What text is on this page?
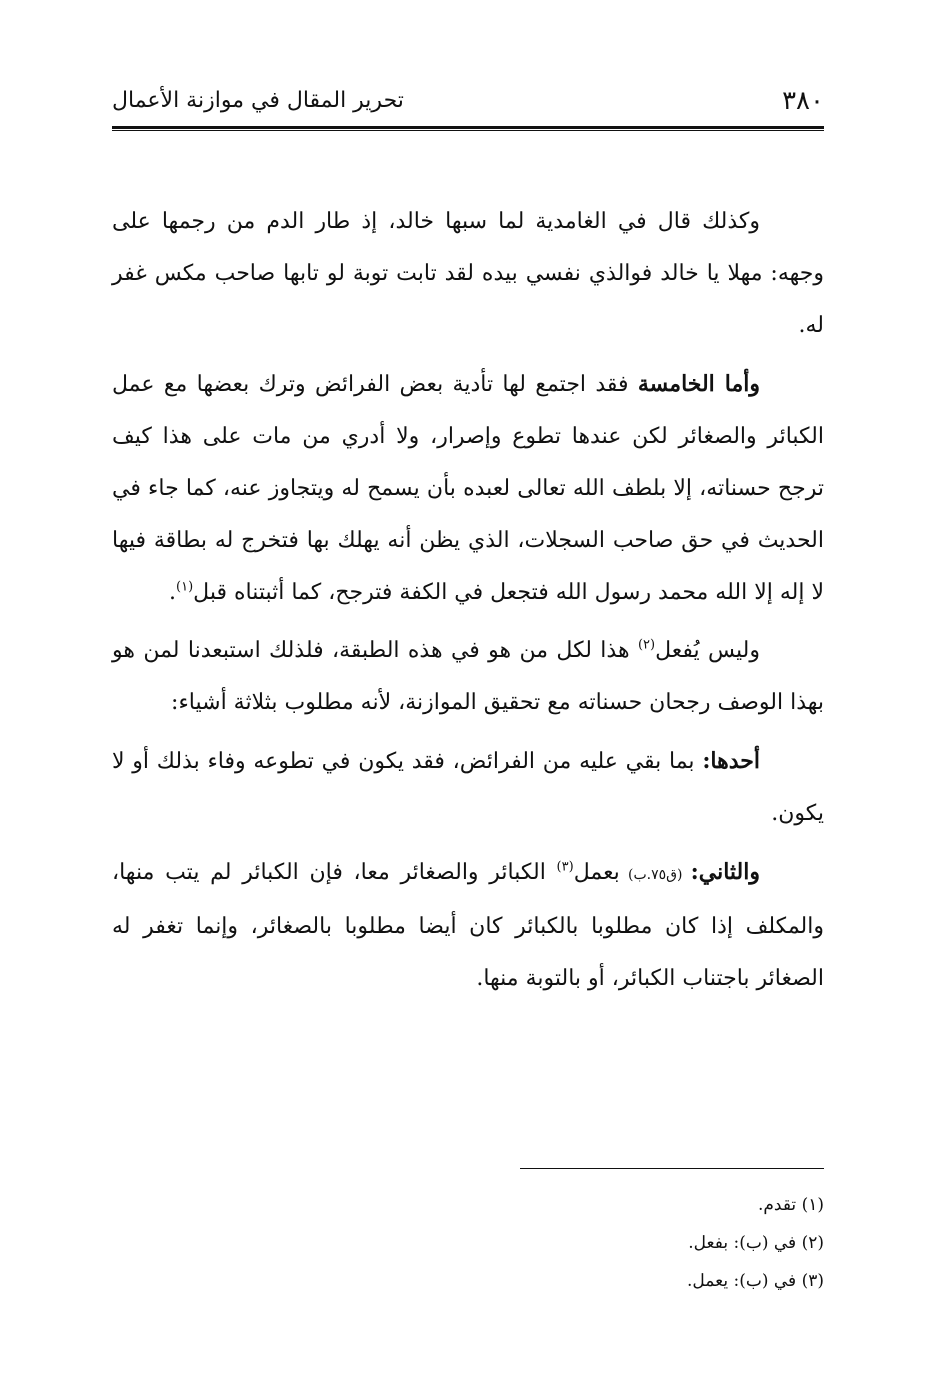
٣٨٠
تحرير المقال في موازنة الأعمال

وكذلك قال في الغامدية لما سبها خالد، إذ طار الدم من رجمها على وجهه: مهلا يا خالد فوالذي نفسي بيده لقد تابت توبة لو تابها صاحب مكس غفر له.

وأما الخامسة فقد اجتمع لها تأدية بعض الفرائض وترك بعضها مع عمل الكبائر والصغائر لكن عندها تطوع وإصرار، ولا أدري من مات على هذا كيف ترجح حسناته، إلا بلطف الله تعالى لعبده بأن يسمح له ويتجاوز عنه، كما جاء في الحديث في حق صاحب السجلات، الذي يظن أنه يهلك بها فتخرج له بطاقة فيها لا إله إلا الله محمد رسول الله فتجعل في الكفة فترجح، كما أثبتناه قبل$^{(١)}$.

وليس يُفعل$^{(٢)}$ هذا لكل من هو في هذه الطبقة، فلذلك استبعدنا لمن هو بهذا الوصف رجحان حسناته مع تحقيق الموازنة، لأنه مطلوب بثلاثة أشياء:

أحدها: بما بقي عليه من الفرائض، فقد يكون في تطوعه وفاء بذلك أو لا يكون.

والثاني: (ق٧٥.ب) بعمل$^{(٣)}$ الكبائر والصغائر معا، فإن الكبائر لم يتب منها، والمكلف إذا كان مطلوبا بالكبائر كان أيضا مطلوبا بالصغائر، وإنما تغفر له الصغائر باجتناب الكبائر، أو بالتوبة منها.

(١) تقدم.

(٢) في (ب): بفعل.

(٣) في (ب): يعمل.
